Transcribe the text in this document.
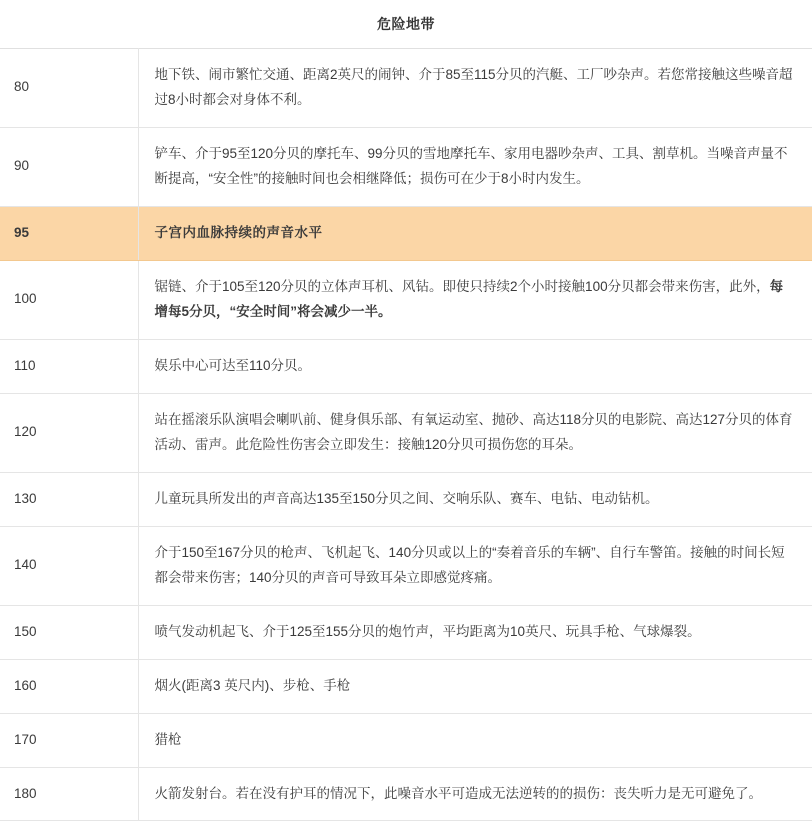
危险地带
80	地下铁、闹市繁忙交通、距离2英尺的闹钟、介于85至115分贝的汽艇、工厂吵杂声。若您常接触这些噪音超过8小时都会对身体不利。
90	铲车、介于95至120分贝的摩托车、99分贝的雪地摩托车、家用电器吵杂声、工具、割草机。当噪音声量不断提高，“安全性”的接触时间也会相继降低；损伤可在少于8小时内发生。
95	子宫内血脉持续的声音水平
100	锯链、介于105至120分贝的立体声耳机、风钻。即使只持续2个小时接触100分贝都会带来伤害，此外，每增每5分贝，“安全时间”将会减少一半。
110	娱乐中心可达至110分贝。
120	站在摇滚乐队演唱会喇叭前、健身俱乐部、有氧运动室、抛砂、高达118分贝的电影院、高达127分贝的体育活动、雷声。此危险性伤害会立即发生：接触120分贝可损伤您的耳朵。
130	儿童玩具所发出的声音高达135至150分贝之间、交响乐队、赛车、电钻、电动钻机。
140	介于150至167分贝的枪声、飞机起飞、140分贝或以上的“奏着音乐的车辆”、自行车警笛。接触的时间长短都会带来伤害；140分贝的声音可导致耳朵立即感觉疼痛。
150	喷气发动机起飞、介于125至155分贝的炮竹声，平均距离为10英尺、玩具手枪、气球爆裂。
160	烟火(距离3 英尺内)、步枪、手枪
170	猎枪
180	火箭发射台。若在没有护耳的情况下，此噪音水平可造成无法逆转的的损伤：丧失听力是无可避免了。
